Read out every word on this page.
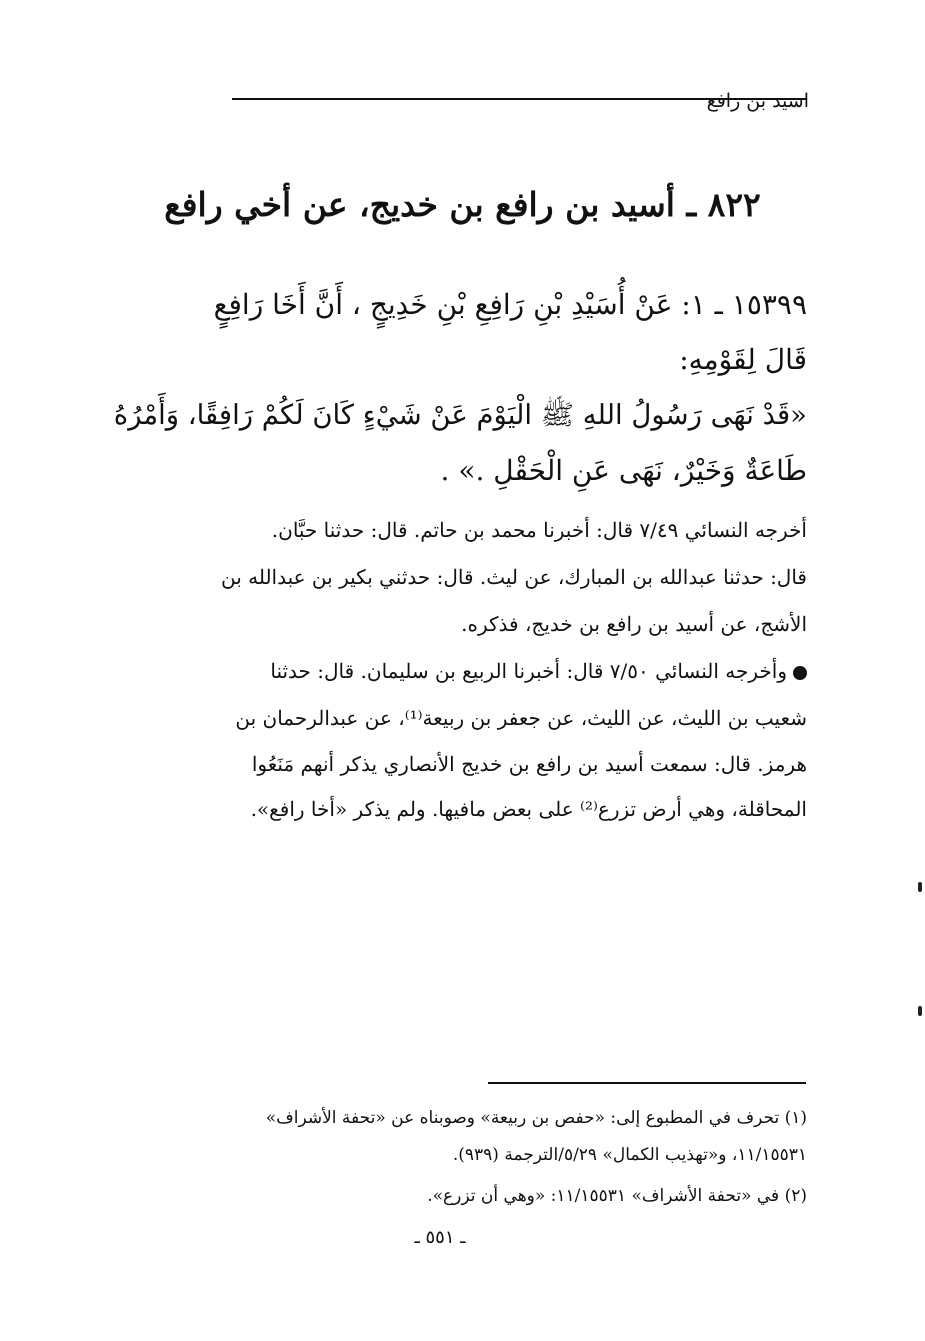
اسيد بن رافع
٨٢٢ ـ أسيد بن رافع بن خديج، عن أخي رافع
١٥٣٩٩ ـ ١: عَنْ أُسَيْدِ بْنِ رَافِعِ بْنِ خَدِيجٍ ، أَنَّ أَخَا رَافِعٍ
قَالَ لِقَوْمِهِ:
«قَدْ نَهَى رَسُولُ اللهِ ﷺ الْيَوْمَ عَنْ شَيْءٍ كَانَ لَكُمْ رَافِقًا، وَأَمْرُهُ
طَاعَةٌ وَخَيْرٌ، نَهَى عَنِ الْحَقْلِ .» .
أخرجه النسائي ٧/٤٩ قال: أخبرنا محمد بن حاتم. قال: حدثنا حبَّان.
قال: حدثنا عبدالله بن المبارك، عن ليث. قال: حدثني بكير بن عبدالله بن
الأشج، عن أسيد بن رافع بن خديج، فذكره.
وأخرجه النسائي ٧/٥٠ قال: أخبرنا الربيع بن سليمان. قال: حدثنا
شعيب بن الليث، عن الليث، عن جعفر بن ربيعة⁽¹⁾، عن عبدالرحمان بن
هرمز. قال: سمعت أسيد بن رافع بن خديج الأنصاري يذكر أنهم مَنَعُوا
المحاقلة، وهي أرض تزرع⁽²⁾ على بعض مافيها. ولم يذكر «أخا رافع».
(١) تحرف في المطبوع إلى: «حفص بن ربيعة» وصوبناه عن «تحفة الأشراف»
١١/١٥٥٣١، و«تهذيب الكمال» ٥/٢٩/الترجمة (٩٣٩).
(٢) في «تحفة الأشراف» ١١/١٥٥٣١: «وهي أن تزرع».
ـ ٥٥١ ـ
